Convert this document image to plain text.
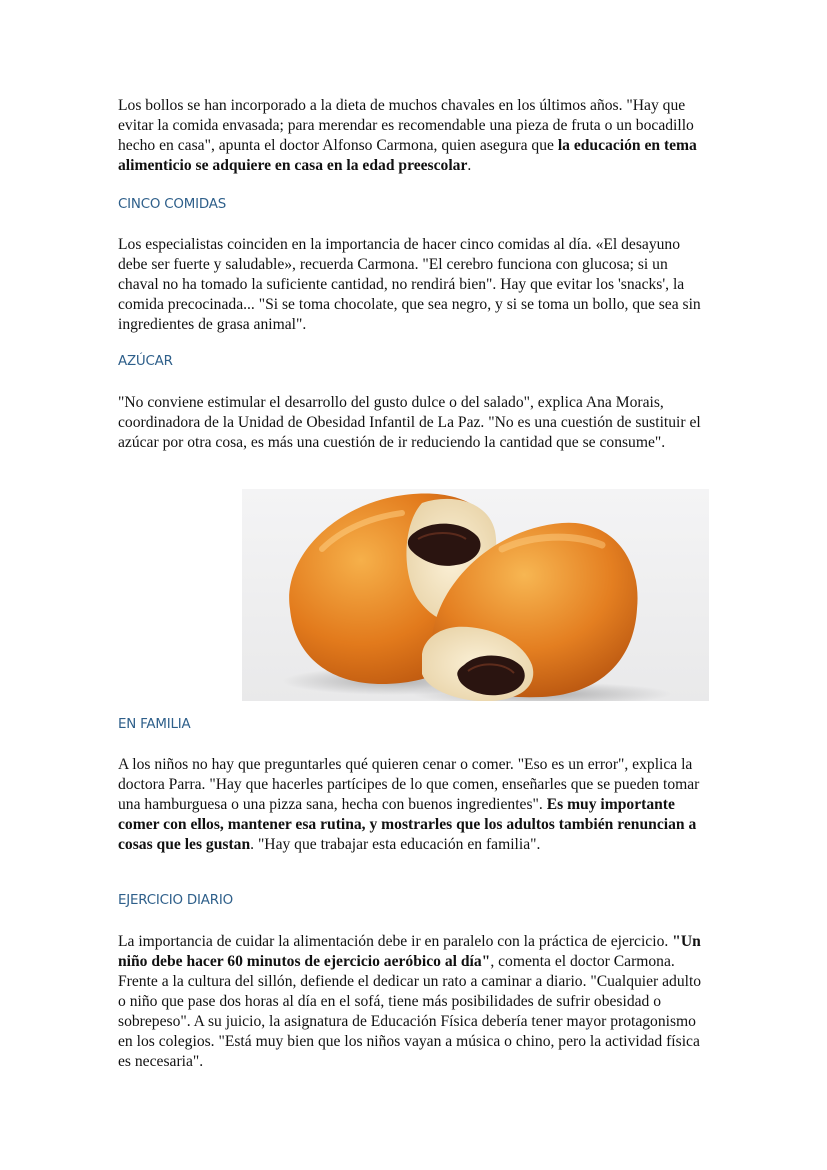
Los bollos se han incorporado a la dieta de muchos chavales en los últimos años. "Hay que evitar la comida envasada; para merendar es recomendable una pieza de fruta o un bocadillo hecho en casa", apunta el doctor Alfonso Carmona, quien asegura que la educación en tema alimenticio se adquiere en casa en la edad preescolar.

CINCO COMIDAS

Los especialistas coinciden en la importancia de hacer cinco comidas al día. «El desayuno debe ser fuerte y saludable», recuerda Carmona. "El cerebro funciona con glucosa; si un chaval no ha tomado la suficiente cantidad, no rendirá bien". Hay que evitar los 'snacks', la comida precocinada... "Si se toma chocolate, que sea negro, y si se toma un bollo, que sea sin ingredientes de grasa animal".

AZÚCAR

"No conviene estimular el desarrollo del gusto dulce o del salado", explica Ana Morais, coordinadora de la Unidad de Obesidad Infantil de La Paz. "No es una cuestión de sustituir el azúcar por otra cosa, es más una cuestión de ir reduciendo la cantidad que se consume".

EN FAMILIA

A los niños no hay que preguntarles qué quieren cenar o comer. "Eso es un error", explica la doctora Parra. "Hay que hacerles partícipes de lo que comen, enseñarles que se pueden tomar una hamburguesa o una pizza sana, hecha con buenos ingredientes". Es muy importante comer con ellos, mantener esa rutina, y mostrarles que los adultos también renuncian a cosas que les gustan. "Hay que trabajar esta educación en familia".

EJERCICIO DIARIO

La importancia de cuidar la alimentación debe ir en paralelo con la práctica de ejercicio. "Un niño debe hacer 60 minutos de ejercicio aeróbico al día", comenta el doctor Carmona. Frente a la cultura del sillón, defiende el dedicar un rato a caminar a diario. "Cualquier adulto o niño que pase dos horas al día en el sofá, tiene más posibilidades de sufrir obesidad o sobrepeso". A su juicio, la asignatura de Educación Física debería tener mayor protagonismo en los colegios. "Está muy bien que los niños vayan a música o chino, pero la actividad física es necesaria".
